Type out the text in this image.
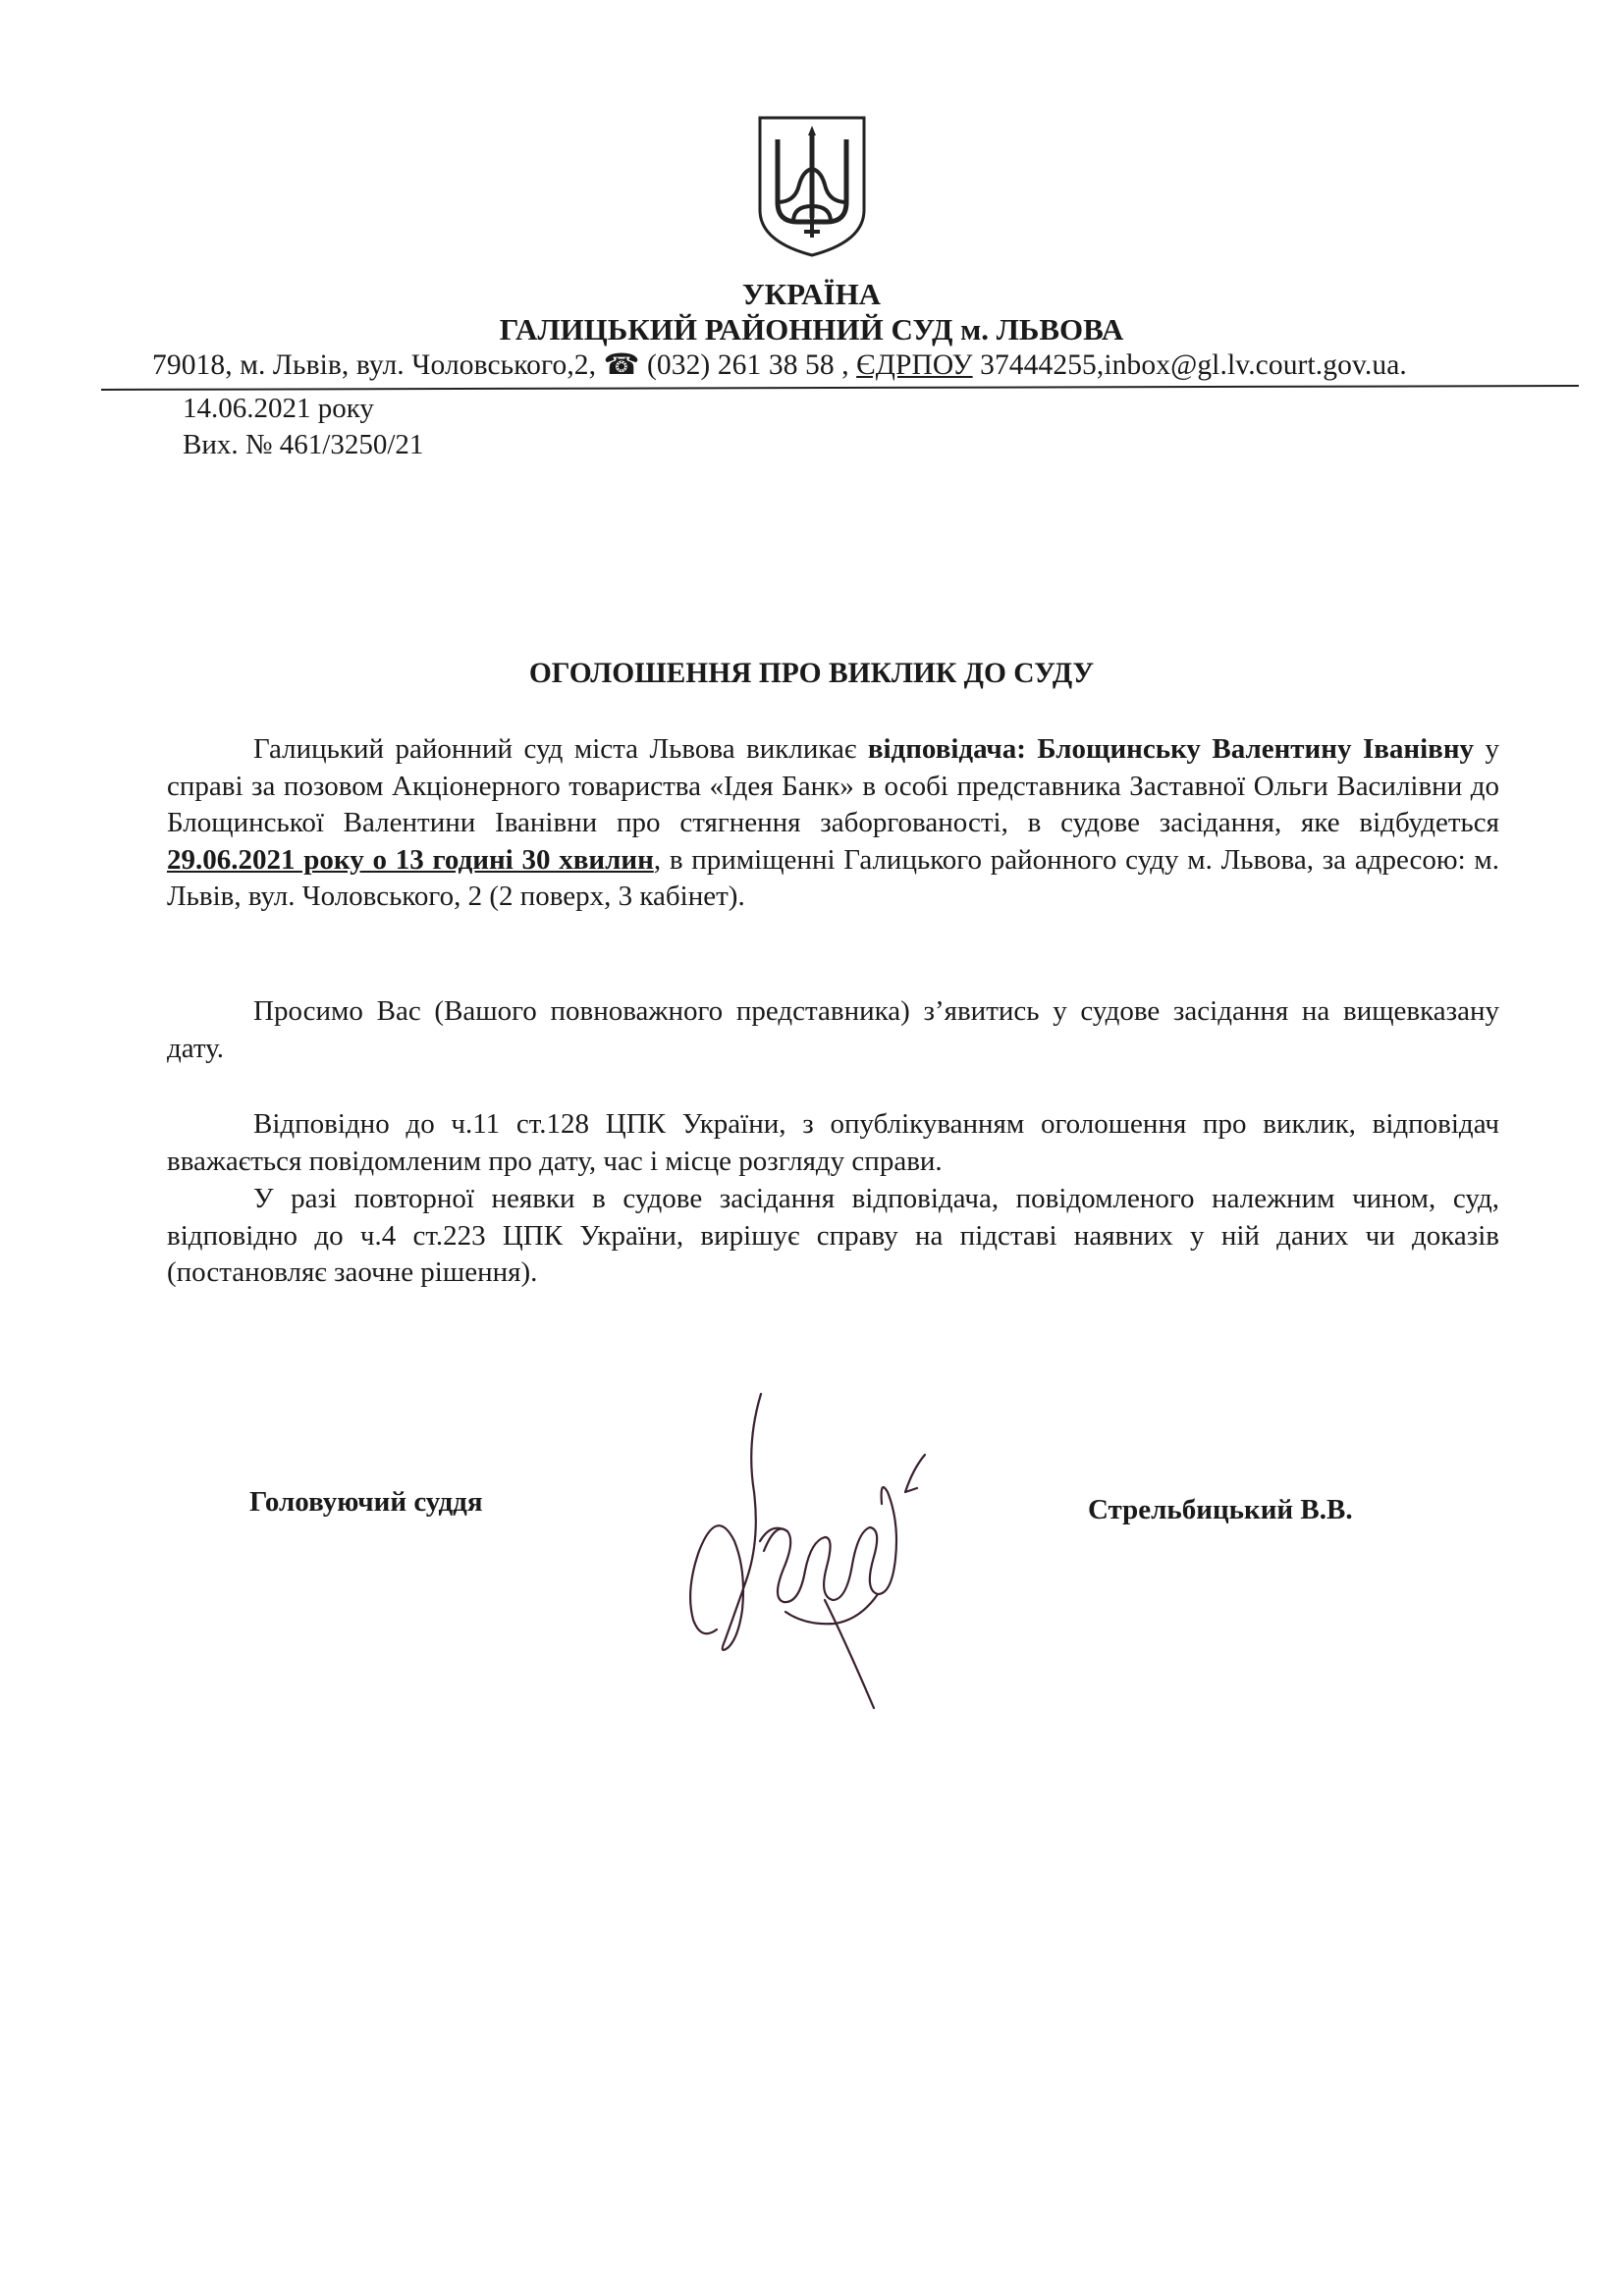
УКРАЇНА
ГАЛИЦЬКИЙ РАЙОННИЙ СУД м. ЛЬВОВА
79018, м. Львів, вул. Чоловського,2, ☎ (032) 261 38 58 , ЄДРПОУ 37444255,inbox@gl.lv.court.gov.ua.
14.06.2021 року
Вих. № 461/3250/21
ОГОЛОШЕННЯ ПРО ВИКЛИК ДО СУДУ
Галицький районний суд міста Львова викликає відповідача: Блощинську Валентину Іванівну у справі за позовом Акціонерного товариства «Ідея Банк» в особі представника Заставної Ольги Василівни до Блощинської Валентини Іванівни про стягнення заборгованості, в судове засідання, яке відбудеться 29.06.2021 року о 13 годині 30 хвилин, в приміщенні Галицького районного суду м. Львова, за адресою: м. Львів, вул. Чоловського, 2 (2 поверх, 3 кабінет).
Просимо Вас (Вашого повноважного представника) з’явитись у судове засідання на вищевказану дату.
Відповідно до ч.11 ст.128 ЦПК України, з опублікуванням оголошення про виклик, відповідач вважається повідомленим про дату, час і місце розгляду справи.
У разі повторної неявки в судове засідання відповідача, повідомленого належним чином, суд, відповідно до ч.4 ст.223 ЦПК України, вирішує справу на підставі наявних у ній даних чи доказів (постановляє заочне рішення).
Головуючий суддя	Стрельбицький В.В.
